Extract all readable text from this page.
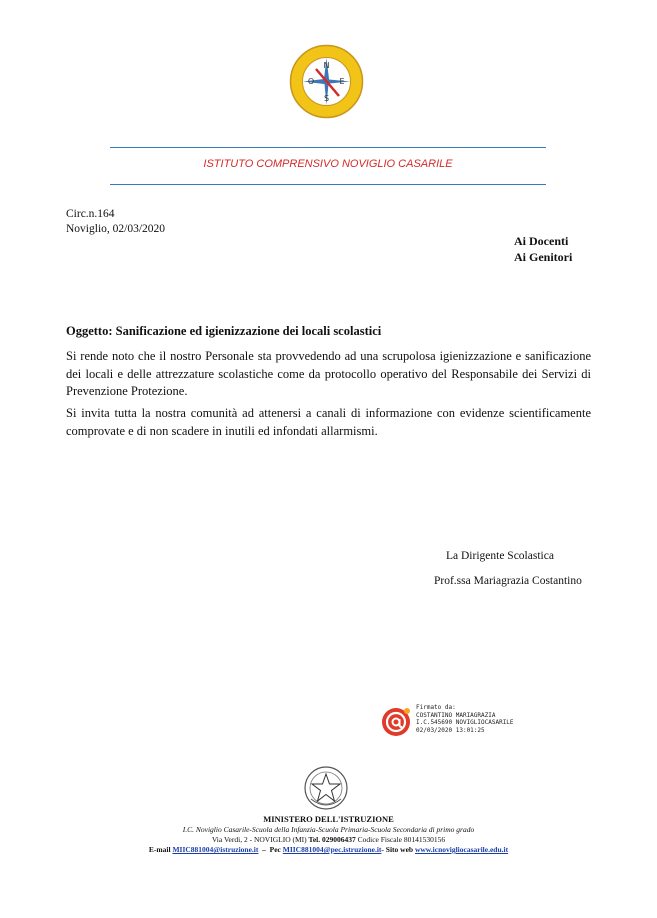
N
O	E
S
ISTITUTO COMPRENSIVO NOVIGLIO CASARILE
Circ.n.164
Noviglio, 02/03/2020
Ai Docenti
Ai Genitori
Oggetto: Sanificazione ed igienizzazione dei locali scolastici
Si rende noto che il nostro Personale sta provvedendo ad una scrupolosa igienizzazione e sanificazione dei locali e delle attrezzature scolastiche come da protocollo operativo del Responsabile dei Servizi di Prevenzione Protezione.
Si invita tutta la nostra comunità ad attenersi a canali di informazione con evidenze scientificamente comprovate e di non scadere in inutili ed infondati allarmismi.
La Dirigente Scolastica
Prof.ssa Mariagrazia Costantino
Firmato da:
COSTANTINO MARIAGRAZIA
I.C.545690 NOVIGLIOCASARILE
02/03/2020 13:01:25
MINISTERO DELL'ISTRUZIONE
I.C. Noviglio Casarile-Scuola della Infanzia-Scuola Primaria-Scuola Secondaria di primo grado
Via Verdi, 2 - NOVIGLIO (MI) Tel. 029006437 Codice Fiscale 80141530156
E-mail MIIC881004@istruzione.it  –  Pec MIIC881004@pec.istruzione.it- Sito web www.icnovigliocasarile.edu.it
